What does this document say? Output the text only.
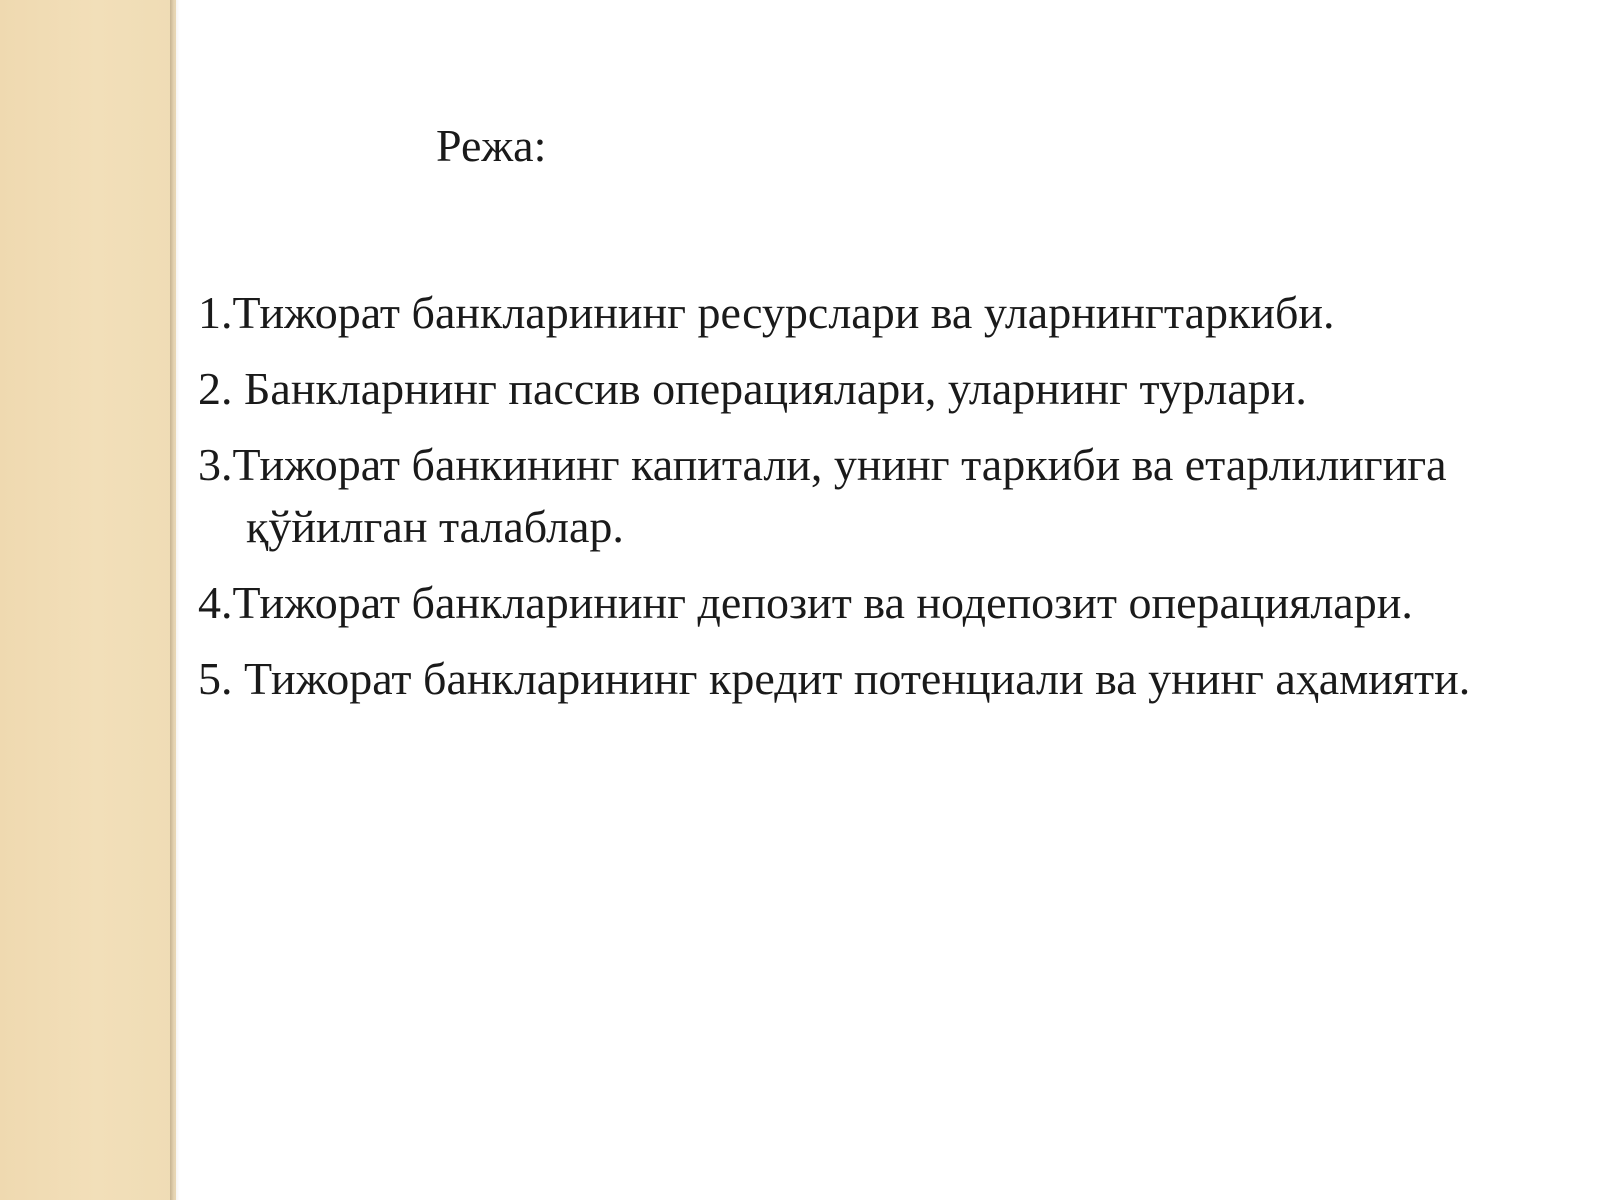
Режа:
1.Тижорат банкларининг ресурслари ва уларнингтаркиби.
2. Банкларнинг пассив операциялари, уларнинг турлари.
3.Тижорат банкининг капитали, унинг таркиби ва етарлилигига қўйилган талаблар.
4.Тижорат банкларининг депозит ва нодепозит операциялари.
5. Тижорат банкларининг кредит потенциали ва унинг аҳамияти.
